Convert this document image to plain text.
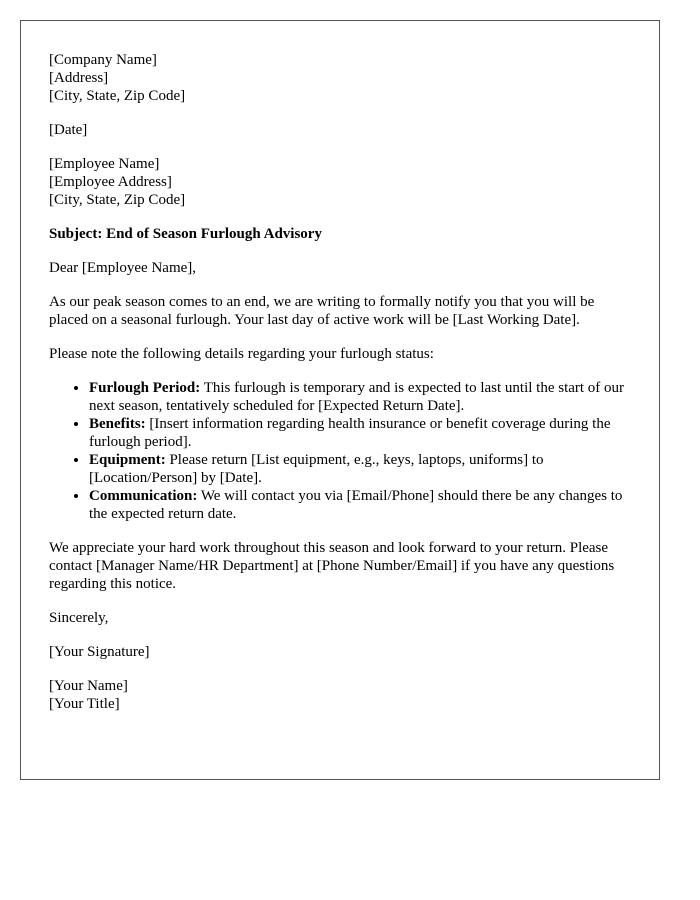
[Company Name]
[Address]
[City, State, Zip Code]
[Date]
[Employee Name]
[Employee Address]
[City, State, Zip Code]

Subject: End of Season Furlough Advisory

Dear [Employee Name],

As our peak season comes to an end, we are writing to formally notify you that you will be placed on a seasonal furlough. Your last day of active work will be [Last Working Date].

Please note the following details regarding your furlough status:

• Furlough Period: This furlough is temporary and is expected to last until the start of our next season, tentatively scheduled for [Expected Return Date].
• Benefits: [Insert information regarding health insurance or benefit coverage during the furlough period].
• Equipment: Please return [List equipment, e.g., keys, laptops, uniforms] to [Location/Person] by [Date].
• Communication: We will contact you via [Email/Phone] should there be any changes to the expected return date.

We appreciate your hard work throughout this season and look forward to your return. Please contact [Manager Name/HR Department] at [Phone Number/Email] if you have any questions regarding this notice.

Sincerely,

[Your Signature]

[Your Name]
[Your Title]
